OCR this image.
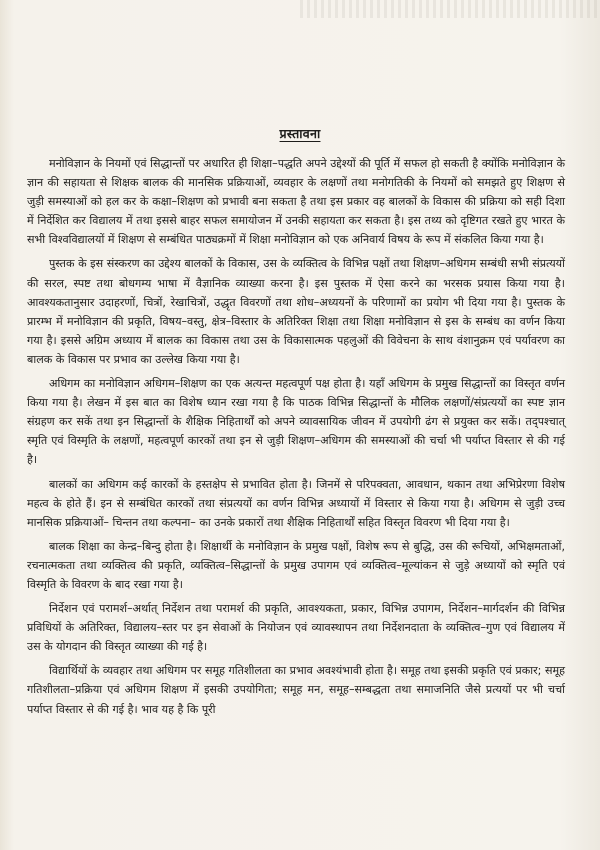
प्रस्तावना

मनोविज्ञान के नियमों एवं सिद्धान्तों पर अधारित ही शिक्षा–पद्धति अपने उद्देश्यों की पूर्ति में सफल हो सकती है क्योंकि मनोविज्ञान के ज्ञान की सहायता से शिक्षक बालक की मानसिक प्रक्रियाओं, व्यवहार के लक्षणों तथा मनोगतिकी के नियमों को समझते हुए शिक्षण से जुड़ी समस्याओं को हल कर के कक्षा–शिक्षण को प्रभावी बना सकता है तथा इस प्रकार वह बालकों के विकास की प्रक्रिया को सही दिशा में निर्देशित कर विद्यालय में तथा इससे बाहर सफल समायोजन में उनकी सहायता कर सकता है। इस तथ्य को दृष्टिगत रखते हुए भारत के सभी विश्वविद्यालयों में शिक्षण से सम्बंधित पाठ्यक्रमों में शिक्षा मनोविज्ञान को एक अनिवार्य विषय के रूप में संकलित किया गया है।

पुस्तक के इस संस्करण का उद्देश्य बालकों के विकास, उस के व्यक्तित्व के विभिन्न पक्षों तथा शिक्षण–अधिगम सम्बंधी सभी संप्रत्ययों की सरल, स्पष्ट तथा बोधगम्य भाषा में वैज्ञानिक व्याख्या करना है। इस पुस्तक में ऐसा करने का भरसक प्रयास किया गया है। आवश्यकतानुसार उदाहरणों, चित्रों, रेखाचित्रों, उद्धृत विवरणों तथा शोध–अध्ययनों के परिणामों का प्रयोग भी दिया गया है। पुस्तक के प्रारम्भ में मनोविज्ञान की प्रकृति, विषय–वस्तु, क्षेत्र–विस्तार के अतिरिक्त शिक्षा तथा शिक्षा मनोविज्ञान से इस के सम्बंध का वर्णन किया गया है। इससे अग्रिम अध्याय में बालक का विकास तथा उस के विकासात्मक पहलुओं की विवेचना के साथ वंशानुक्रम एवं पर्यावरण का बालक के विकास पर प्रभाव का उल्लेख किया गया है।

अधिगम का मनोविज्ञान अधिगम–शिक्षण का एक अत्यन्त महत्वपूर्ण पक्ष होता है। यहाँ अधिगम के प्रमुख सिद्धान्तों का विस्तृत वर्णन किया गया है। लेखन में इस बात का विशेष ध्यान रखा गया है कि पाठक विभिन्न सिद्धान्तों के मौलिक लक्षणों/संप्रत्ययों का स्पष्ट ज्ञान संग्रहण कर सकें तथा इन सिद्धान्तों के शैक्षिक निहितार्थों को अपने व्यावसायिक जीवन में उपयोगी ढंग से प्रयुक्त कर सकें। तद्पश्चात् स्मृति एवं विस्मृति के लक्षणों, महत्वपूर्ण कारकों तथा इन से जुड़ी शिक्षण–अधिगम की समस्याओं की चर्चा भी पर्याप्त विस्तार से की गई है।

बालकों का अधिगम कई कारकों के हस्तक्षेप से प्रभावित होता है। जिनमें से परिपक्वता, आवधान, थकान तथा अभिप्रेरणा विशेष महत्व के होते हैं। इन से सम्बंधित कारकों तथा संप्रत्ययों का वर्णन विभिन्न अध्यायों में विस्तार से किया गया है। अधिगम से जुड़ी उच्च मानसिक प्रक्रियाओं– चिन्तन तथा कल्पना– का उनके प्रकारों तथा शैक्षिक निहितार्थों सहित विस्तृत विवरण भी दिया गया है।

बालक शिक्षा का केन्द्र–बिन्दु होता है। शिक्षार्थी के मनोविज्ञान के प्रमुख पक्षों, विशेष रूप से बुद्धि, उस की रूचियों, अभिक्षमताओं, रचनात्मकता तथा व्यक्तित्व की प्रकृति, व्यक्तित्व–सिद्धान्तों के प्रमुख उपागम एवं व्यक्तित्व–मूल्यांकन से जुड़े अध्यायों को स्मृति एवं विस्मृति के विवरण के बाद रखा गया है।

निर्देशन एवं परामर्श–अर्थात् निर्देशन तथा परामर्श की प्रकृति, आवश्यकता, प्रकार, विभिन्न उपागम, निर्देशन–मार्गदर्शन की विभिन्न प्रविधियों के अतिरिक्त, विद्यालय–स्तर पर इन सेवाओं के नियोजन एवं व्यावस्थापन तथा निर्देशनदाता के व्यक्तित्व–गुण एवं विद्यालय में उस के योगदान की विस्तृत व्याख्या की गई है।

विद्यार्थियों के व्यवहार तथा अधिगम पर समूह गतिशीलता का प्रभाव अवश्यंभावी होता है। समूह तथा इसकी प्रकृति एवं प्रकार; समूह गतिशीलता–प्रक्रिया एवं अधिगम शिक्षण में इसकी उपयोगिता; समूह मन, समूह–सम्बद्धता तथा समाजनिति जैसे प्रत्ययों पर भी चर्चा पर्याप्त विस्तार से की गई है। भाव यह है कि पूरी
